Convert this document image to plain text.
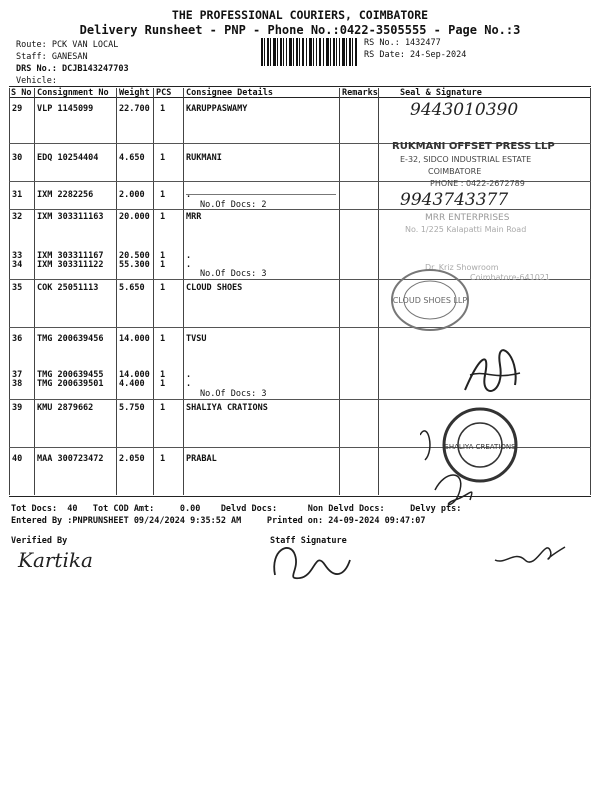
THE PROFESSIONAL COURIERS, COIMBATORE
Delivery Runsheet - PNP - Phone No.:0422-3505555 - Page No.:3
Route: PCK VAN LOCAL
Staff: GANESAN
DRS No.: DCJB143247703
Vehicle:
RS No.: 1432477
RS Date: 24-Sep-2024
S No Consignment No Weight PCS Consignee Details	Remarks	Seal & Signature
29 VLP 1145099	22.700 1 KARUPPASWAMY
30 EDQ 10254404 4.650 1 RUKMANI
31 IXM 2282256	2.000 1 .
No.Of Docs: 2
32 IXM 303311163 20.000 1 MRR
33 IXM 303311167 20.500 1 .
34 IXM 303311122 55.300 1 .
No.Of Docs: 3
35 COK 25051113 5.650 1 CLOUD SHOES
36 TMG 200639456 14.000 1 TVSU
37 TMG 200639455 14.000 1 .
38 TMG 200639501 4.400 1 .
No.Of Docs: 3
39 KMU 2879662	5.750 1 SHALIYA CRATIONS
40 MAA 300723472 2.050 1 PRABAL
9443010390
RUKMANI OFFSET PRESS LLP
E-32, SIDCO INDUSTRIAL ESTATE
COIMBATORE
PHONE : 0422-2672789
9943743377
MRR ENTERPRISES
No. 1/225 Kalapatti Main Road
Dr. Kriz Showroom
Coimbatore-641021
CLOUD SHOES LLP
SHALIYA CREATIONS
Tot Docs:  40   Tot COD Amt:     0.00    Delvd Docs:      Non Delvd Docs:     Delvy pts:
Entered By :PNPRUNSHEET 09/24/2024 9:35:52 AM     Printed on: 24-09-2024 09:47:07
Verified By	Staff Signature
Kartika
